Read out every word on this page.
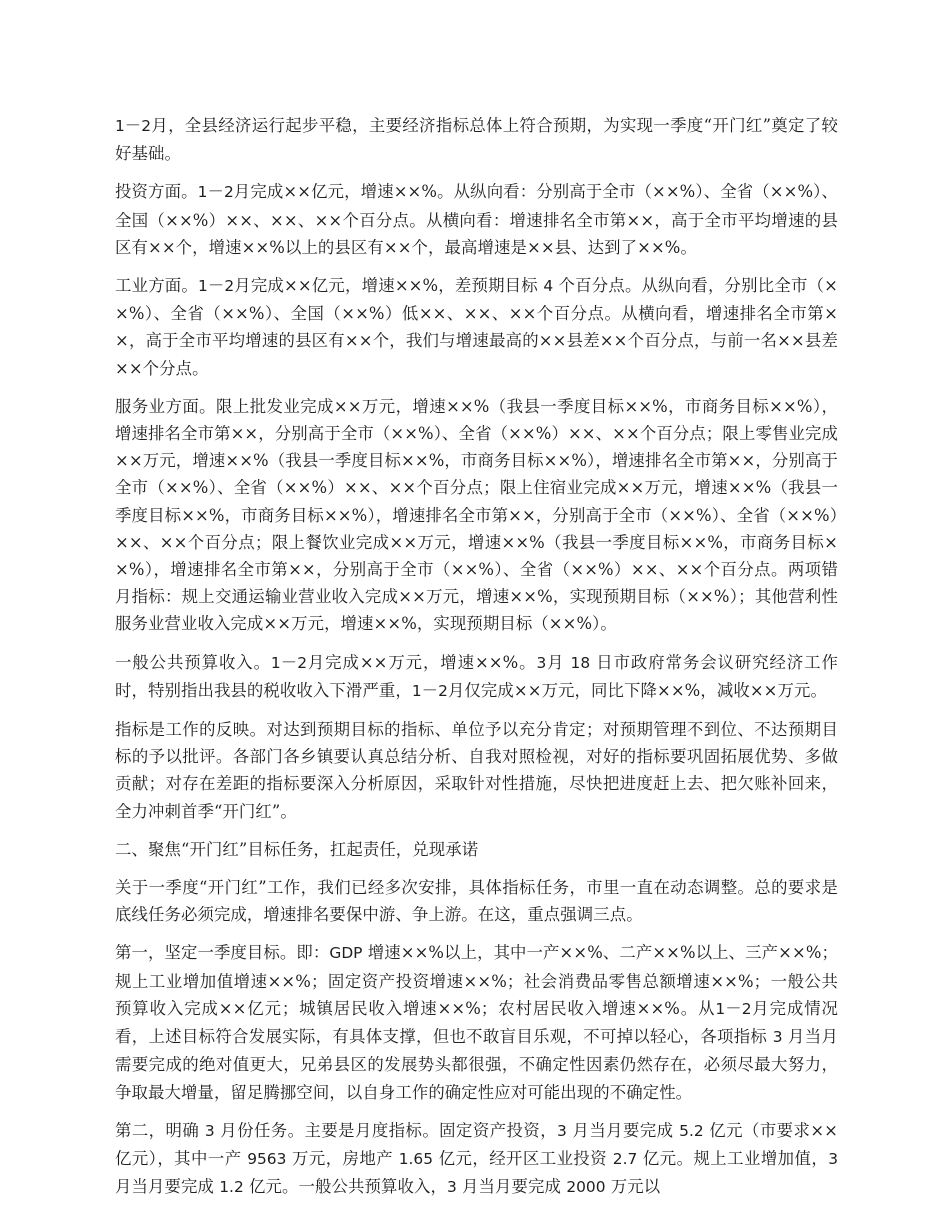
1－2月，全县经济运行起步平稳，主要经济指标总体上符合预期，为实现一季度“开门红”奠定了较好基础。

投资方面。1－2月完成××亿元，增速××%。从纵向看：分别高于全市（××%）、全省（××%）、全国（××%）××、××、××个百分点。从横向看：增速排名全市第××，高于全市平均增速的县区有××个，增速××%以上的县区有××个，最高增速是××县、达到了××%。

工业方面。1－2月完成××亿元，增速××%，差预期目标 4 个百分点。从纵向看，分别比全市（××%）、全省（××%）、全国（××%）低××、××、××个百分点。从横向看，增速排名全市第××，高于全市平均增速的县区有××个，我们与增速最高的××县差××个百分点，与前一名××县差××个分点。

服务业方面。限上批发业完成××万元，增速××%（我县一季度目标××%，市商务目标××%），增速排名全市第××，分别高于全市（××%）、全省（××%）××、××个百分点；限上零售业完成××万元，增速××%（我县一季度目标××%，市商务目标××%），增速排名全市第××，分别高于全市（××%）、全省（××%）××、××个百分点；限上住宿业完成××万元，增速××%（我县一季度目标××%，市商务目标××%），增速排名全市第××，分别高于全市（××%）、全省（××%）××、××个百分点；限上餐饮业完成××万元，增速××%（我县一季度目标××%，市商务目标××%），增速排名全市第××，分别高于全市（××%）、全省（××%）××、××个百分点。两项错月指标：规上交通运输业营业收入完成××万元，增速××%，实现预期目标（××%）；其他营利性服务业营业收入完成××万元，增速××%，实现预期目标（××%）。

一般公共预算收入。1－2月完成××万元，增速××%。3月 18 日市政府常务会议研究经济工作时，特别指出我县的税收收入下滑严重，1－2月仅完成××万元，同比下降××%，减收××万元。

指标是工作的反映。对达到预期目标的指标、单位予以充分肯定；对预期管理不到位、不达预期目标的予以批评。各部门各乡镇要认真总结分析、自我对照检视，对好的指标要巩固拓展优势、多做贡献；对存在差距的指标要深入分析原因，采取针对性措施，尽快把进度赶上去、把欠账补回来，全力冲刺首季“开门红”。

二、聚焦“开门红”目标任务，扛起责任，兑现承诺

关于一季度“开门红”工作，我们已经多次安排，具体指标任务，市里一直在动态调整。总的要求是底线任务必须完成，增速排名要保中游、争上游。在这，重点强调三点。

第一，坚定一季度目标。即：GDP 增速××%以上，其中一产××%、二产××%以上、三产××%；规上工业增加值增速××%；固定资产投资增速××%；社会消费品零售总额增速××%；一般公共预算收入完成××亿元；城镇居民收入增速××%；农村居民收入增速××%。从1－2月完成情况看，上述目标符合发展实际，有具体支撑，但也不敢盲目乐观，不可掉以轻心，各项指标 3 月当月需要完成的绝对值更大，兄弟县区的发展势头都很强，不确定性因素仍然存在，必须尽最大努力，争取最大增量，留足腾挪空间，以自身工作的确定性应对可能出现的不确定性。

第二，明确 3 月份任务。主要是月度指标。固定资产投资，3 月当月要完成 5.2 亿元（市要求××亿元），其中一产 9563 万元，房地产 1.65 亿元，经开区工业投资 2.7 亿元。规上工业增加值，3 月当月要完成 1.2 亿元。一般公共预算收入，3 月当月要完成 2000 万元以
